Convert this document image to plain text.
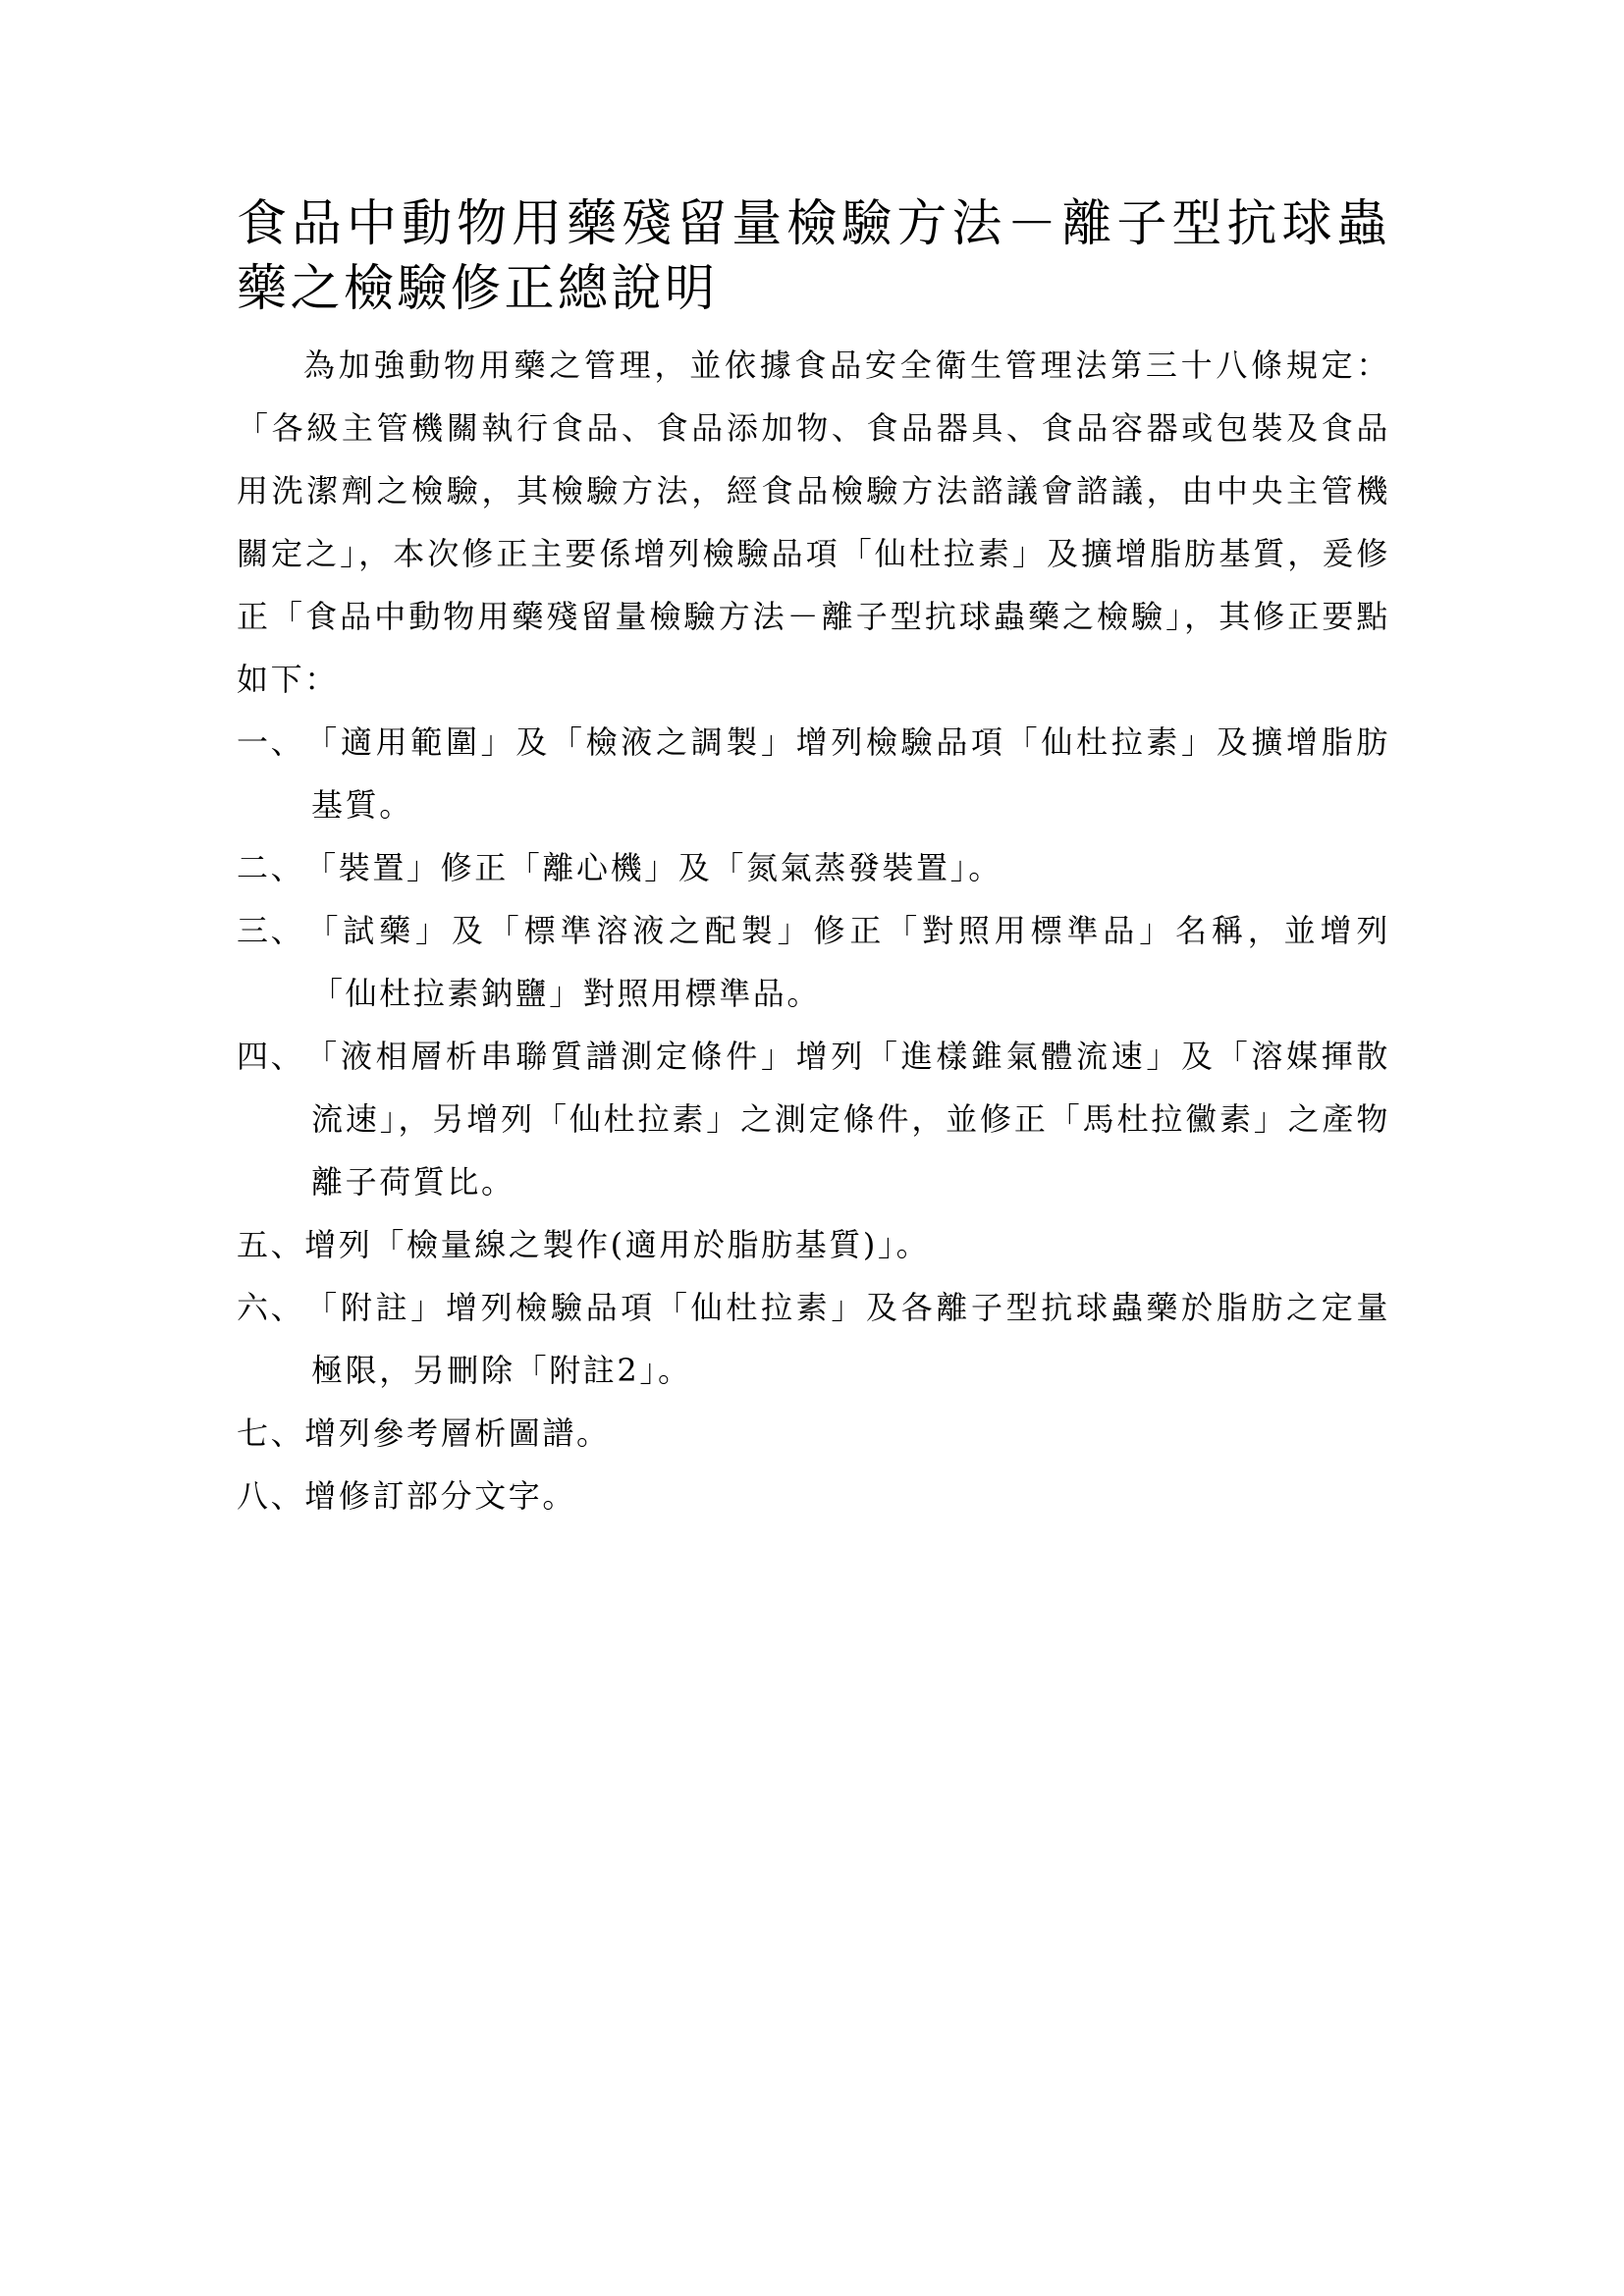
食品中動物用藥殘留量檢驗方法－離子型抗球蟲藥之檢驗修正總說明

為加強動物用藥之管理，並依據食品安全衛生管理法第三十八條規定：「各級主管機關執行食品、食品添加物、食品器具、食品容器或包裝及食品用洗潔劑之檢驗，其檢驗方法，經食品檢驗方法諮議會諮議，由中央主管機關定之」，本次修正主要係增列檢驗品項「仙杜拉素」及擴增脂肪基質，爰修正「食品中動物用藥殘留量檢驗方法－離子型抗球蟲藥之檢驗」，其修正要點如下：

一、「適用範圍」及「檢液之調製」增列檢驗品項「仙杜拉素」及擴增脂肪基質。
二、「裝置」修正「離心機」及「氮氣蒸發裝置」。
三、「試藥」及「標準溶液之配製」修正「對照用標準品」名稱，並增列「仙杜拉素鈉鹽」對照用標準品。
四、「液相層析串聯質譜測定條件」增列「進樣錐氣體流速」及「溶媒揮散流速」，另增列「仙杜拉素」之測定條件，並修正「馬杜拉黴素」之產物離子荷質比。
五、增列「檢量線之製作(適用於脂肪基質)」。
六、「附註」增列檢驗品項「仙杜拉素」及各離子型抗球蟲藥於脂肪之定量極限，另刪除「附註2」。
七、增列參考層析圖譜。
八、增修訂部分文字。
